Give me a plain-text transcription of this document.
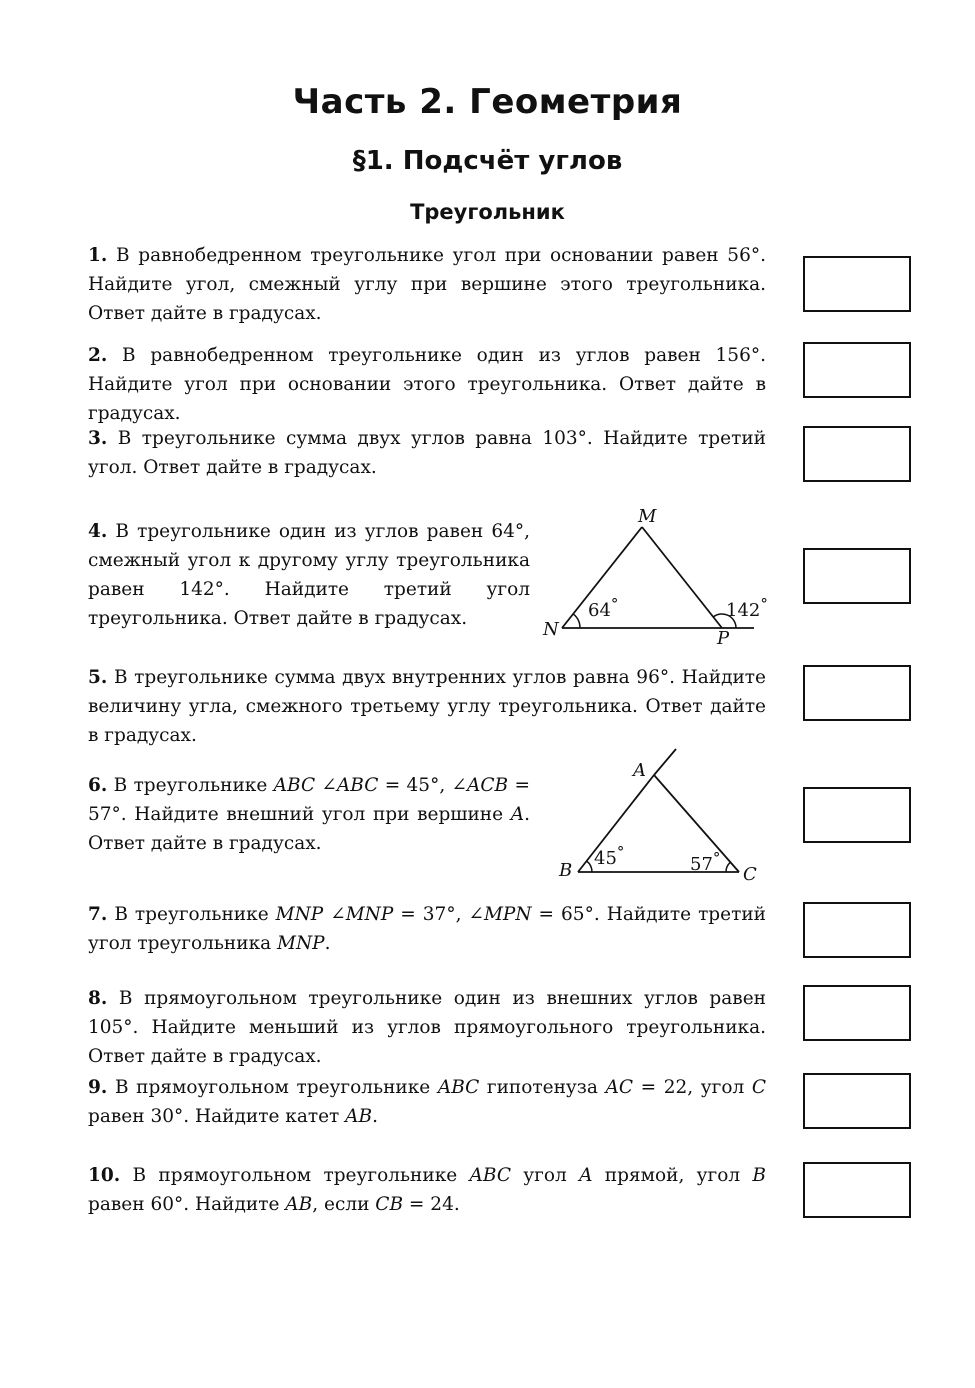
Часть 2. Геометрия
§1. Подсчёт углов
Треугольник
1. В равнобедренном треугольнике угол при основании равен 56°. Найдите угол, смежный углу при вершине этого треугольника. Ответ дайте в градусах.
2. В равнобедренном треугольнике один из углов равен 156°. Найдите угол при основании этого треугольника. Ответ дайте в градусах.
3. В треугольнике сумма двух углов равна 103°. Найдите третий угол. Ответ дайте в градусах.
4. В треугольнике один из углов равен 64°, смежный угол к другому углу треугольника равен 142°. Найдите третий угол треугольника. Ответ дайте в градусах.
M
N	P
64°	142°
5. В треугольнике сумма двух внутренних углов равна 96°. Найдите величину угла, смежного третьему углу треугольника. Ответ дайте в градусах.
6. В треугольнике ABC ∠ABC = 45°, ∠ACB = 57°. Найдите внешний угол при вершине A. Ответ дайте в градусах.
A
B	C
45°
57°
7. В треугольнике MNP ∠MNP = 37°, ∠MPN = 65°. Найдите третий угол треугольника MNP.
8. В прямоугольном треугольнике один из внешних углов равен 105°. Найдите меньший из углов прямоугольного треугольника. Ответ дайте в градусах.
9. В прямоугольном треугольнике ABC гипотенуза AC = 22, угол C равен 30°. Найдите катет AB.
10. В прямоугольном треугольнике ABC угол A прямой, угол B равен 60°. Найдите AB, если CB = 24.
